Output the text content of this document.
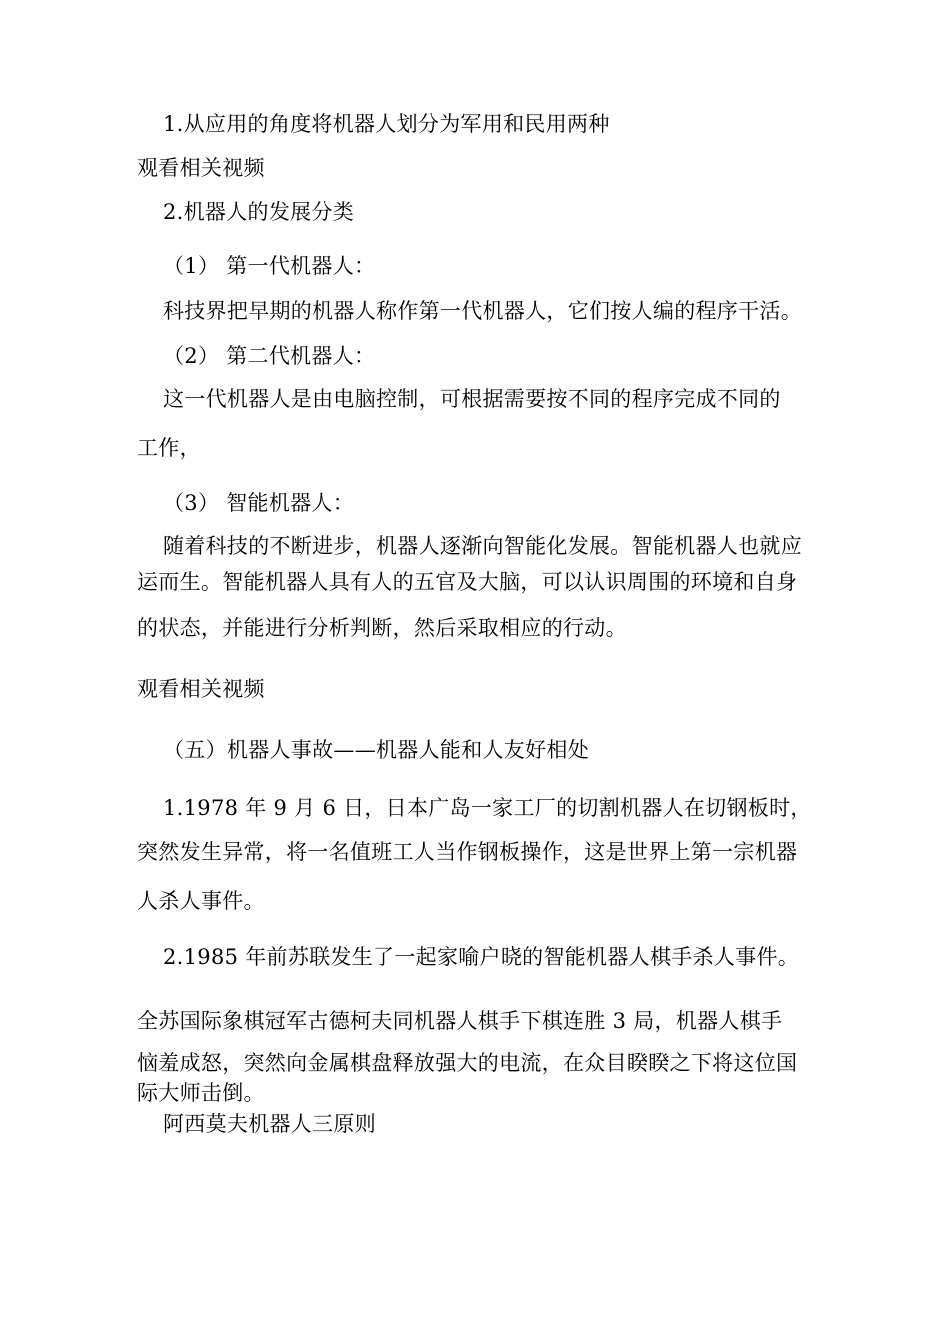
1.从应用的角度将机器人划分为军用和民用两种
观看相关视频
2.机器人的发展分类
（1） 第一代机器人：
科技界把早期的机器人称作第一代机器人，它们按人编的程序干活。
（2） 第二代机器人：
这一代机器人是由电脑控制，可根据需要按不同的程序完成不同的
工作，
（3） 智能机器人：
随着科技的不断进步，机器人逐渐向智能化发展。智能机器人也就应
运而生。智能机器人具有人的五官及大脑，可以认识周围的环境和自身
的状态，并能进行分析判断，然后采取相应的行动。
观看相关视频
（五）机器人事故——机器人能和人友好相处
1.1978 年 9 月 6 日，日本广岛一家工厂的切割机器人在切钢板时，
突然发生异常，将一名值班工人当作钢板操作，这是世界上第一宗机器
人杀人事件。
2.1985 年前苏联发生了一起家喻户晓的智能机器人棋手杀人事件。
全苏国际象棋冠军古德柯夫同机器人棋手下棋连胜 3 局，机器人棋手
恼羞成怒，突然向金属棋盘释放强大的电流，在众目睽睽之下将这位国
际大师击倒。
阿西莫夫机器人三原则
